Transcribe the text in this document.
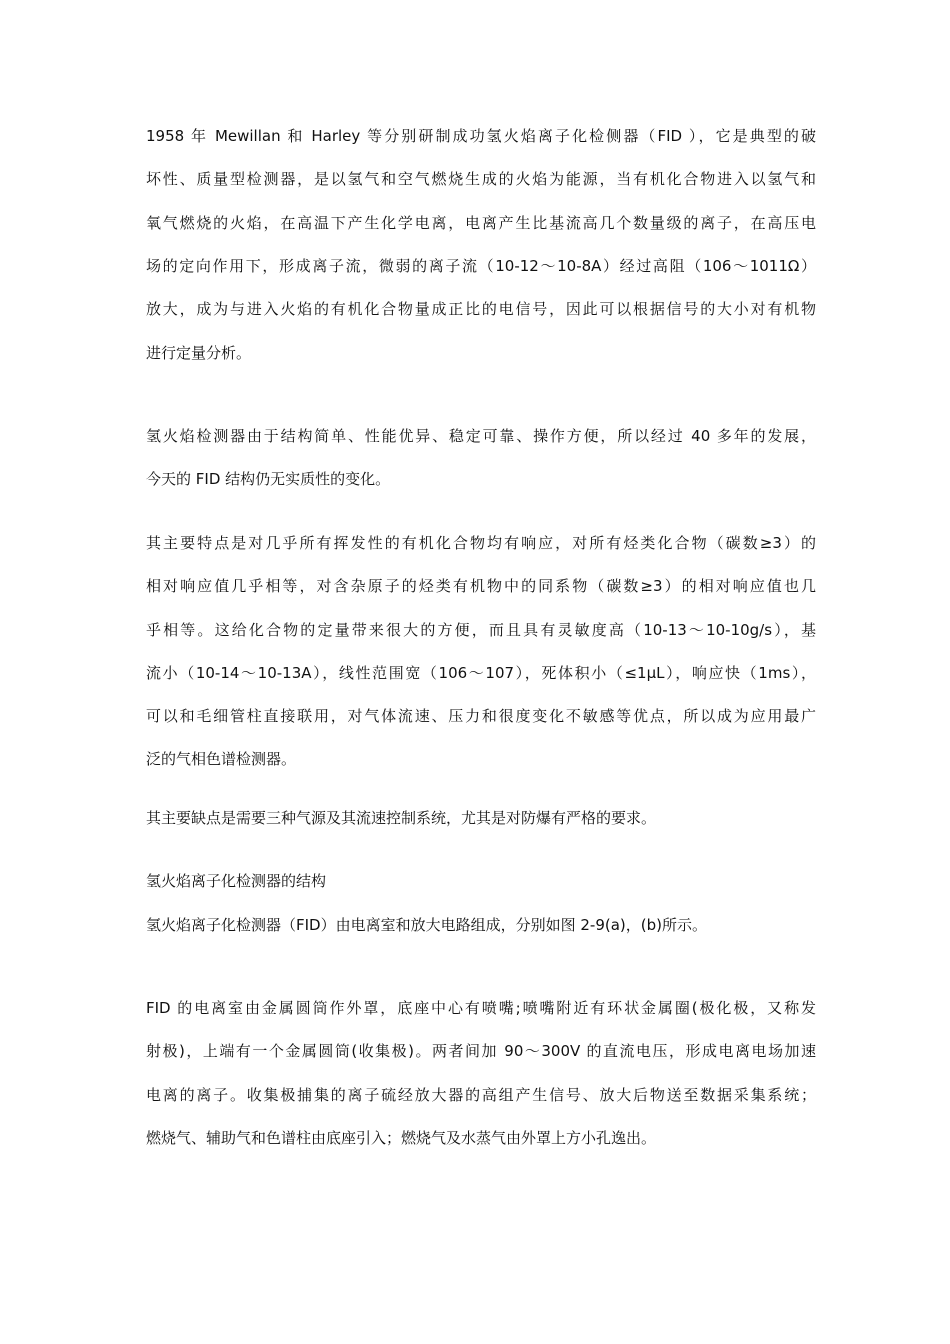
1958 年 Mewillan 和 Harley 等分别研制成功氢火焰离子化检侧器（FID ），它是典型的破
坏性、质量型检测器，是以氢气和空气燃烧生成的火焰为能源，当有机化合物进入以氢气和
氧气燃烧的火焰，在高温下产生化学电离，电离产生比基流高几个数量级的离子，在高压电
场的定向作用下，形成离子流，微弱的离子流（10-12～10-8A）经过高阻（106～1011Ω）
放大，成为与进入火焰的有机化合物量成正比的电信号，因此可以根据信号的大小对有机物
进行定量分析。
氢火焰检测器由于结构简单、性能优异、稳定可靠、操作方便，所以经过 40 多年的发展，
今天的 FID 结构仍无实质性的变化。
其主要特点是对几乎所有挥发性的有机化合物均有响应，对所有烃类化合物（碳数≥3）的
相对响应值几乎相等，对含杂原子的烃类有机物中的同系物（碳数≥3）的相对响应值也几
乎相等。这给化合物的定量带来很大的方便，而且具有灵敏度高（10-13～10-10g/s），基
流小（10-14～10-13A），线性范围宽（106～107），死体积小（≤1μL），响应快（1ms），
可以和毛细管柱直接联用，对气体流速、压力和很度变化不敏感等优点，所以成为应用最广
泛的气相色谱检测器。
其主要缺点是需要三种气源及其流速控制系统，尤其是对防爆有严格的要求。
氢火焰离子化检测器的结构
氢火焰离子化检测器（FID）由电离室和放大电路组成，分别如图 2-9(a)，(b)所示。
FID 的电离室由金属圆筒作外罩，底座中心有喷嘴;喷嘴附近有环状金属圈(极化极，又称发
射极)，上端有一个金属圆筒(收集极)。两者间加 90～300V 的直流电压，形成电离电场加速
电离的离子。收集极捕集的离子硫经放大器的高组产生信号、放大后物送至数据采集系统；
燃烧气、辅助气和色谱柱由底座引入；燃烧气及水蒸气由外罩上方小孔逸出。
